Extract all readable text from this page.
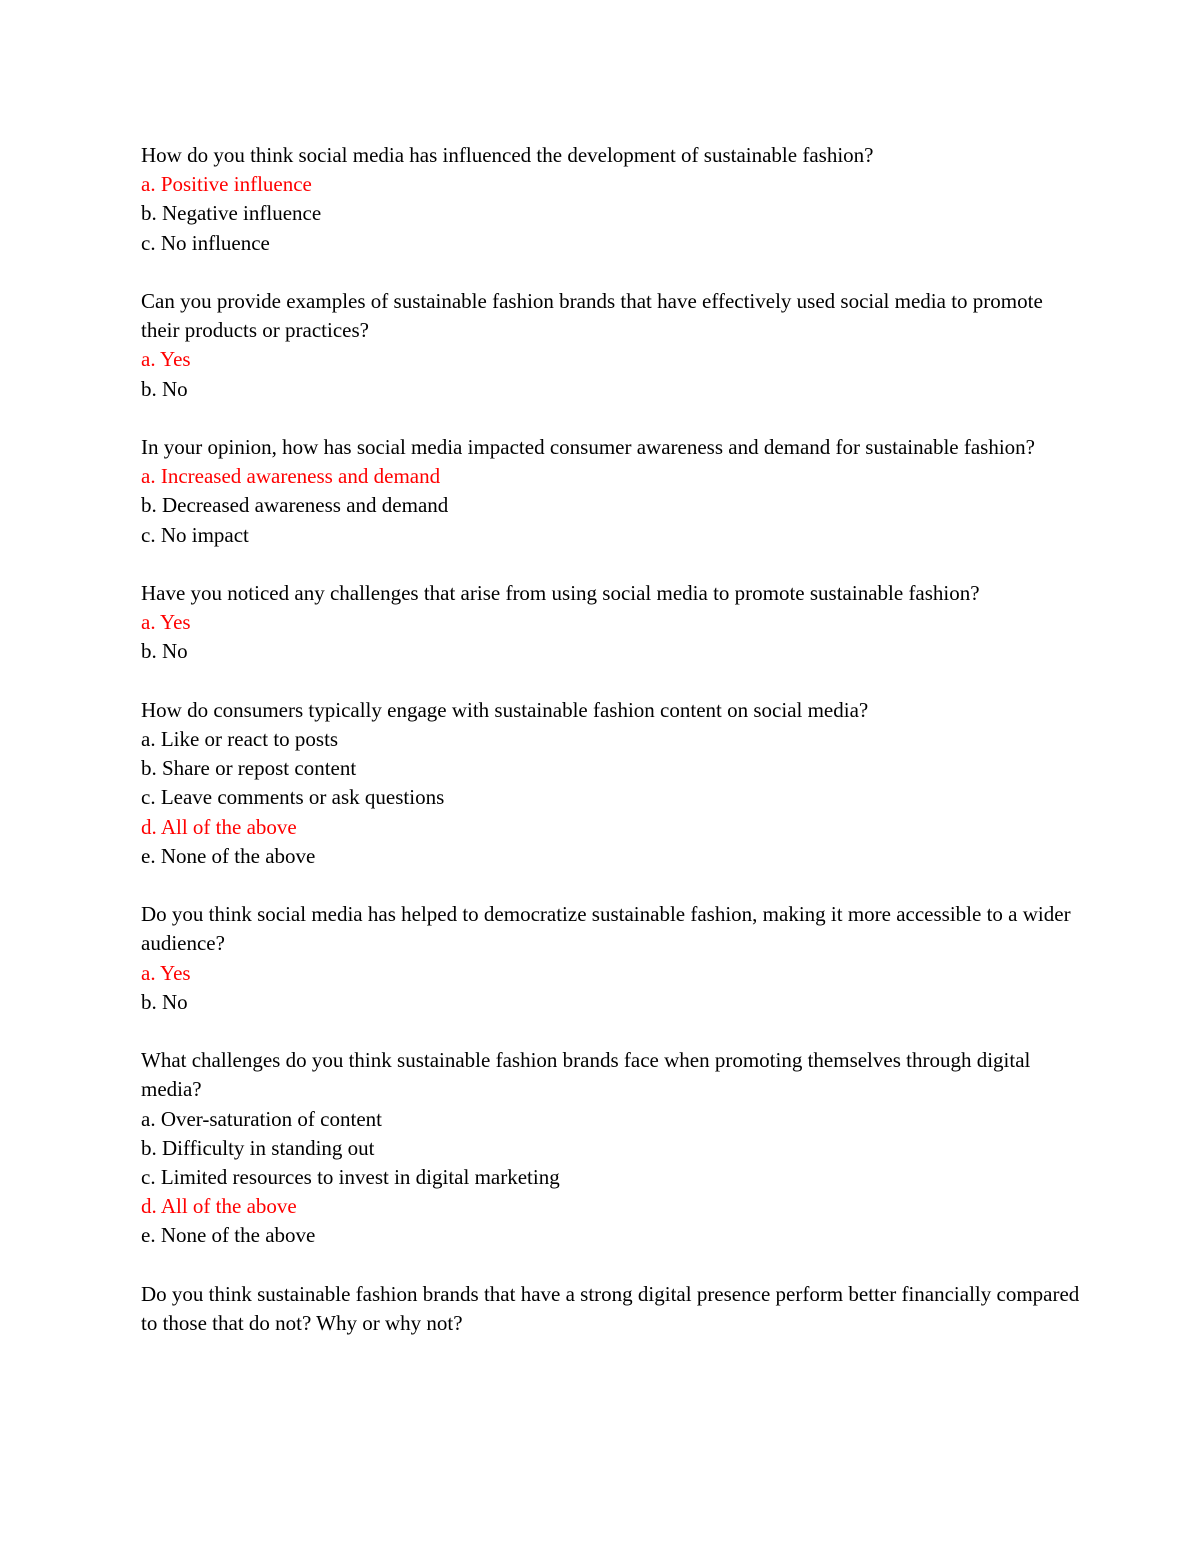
How do you think social media has influenced the development of sustainable fashion?

a. Positive influence

b. Negative influence

c. No influence

Can you provide examples of sustainable fashion brands that have effectively used social media to promote their products or practices?

a. Yes

b. No

In your opinion, how has social media impacted consumer awareness and demand for sustainable fashion?

a. Increased awareness and demand

b. Decreased awareness and demand

c. No impact

Have you noticed any challenges that arise from using social media to promote sustainable fashion?

a. Yes

b. No

How do consumers typically engage with sustainable fashion content on social media?

a. Like or react to posts

b. Share or repost content

c. Leave comments or ask questions

d. All of the above

e. None of the above

Do you think social media has helped to democratize sustainable fashion, making it more accessible to a wider audience?

a. Yes

b. No

What challenges do you think sustainable fashion brands face when promoting themselves through digital media?

a. Over-saturation of content

b. Difficulty in standing out

c. Limited resources to invest in digital marketing

d. All of the above

e. None of the above

Do you think sustainable fashion brands that have a strong digital presence perform better financially compared to those that do not? Why or why not?
